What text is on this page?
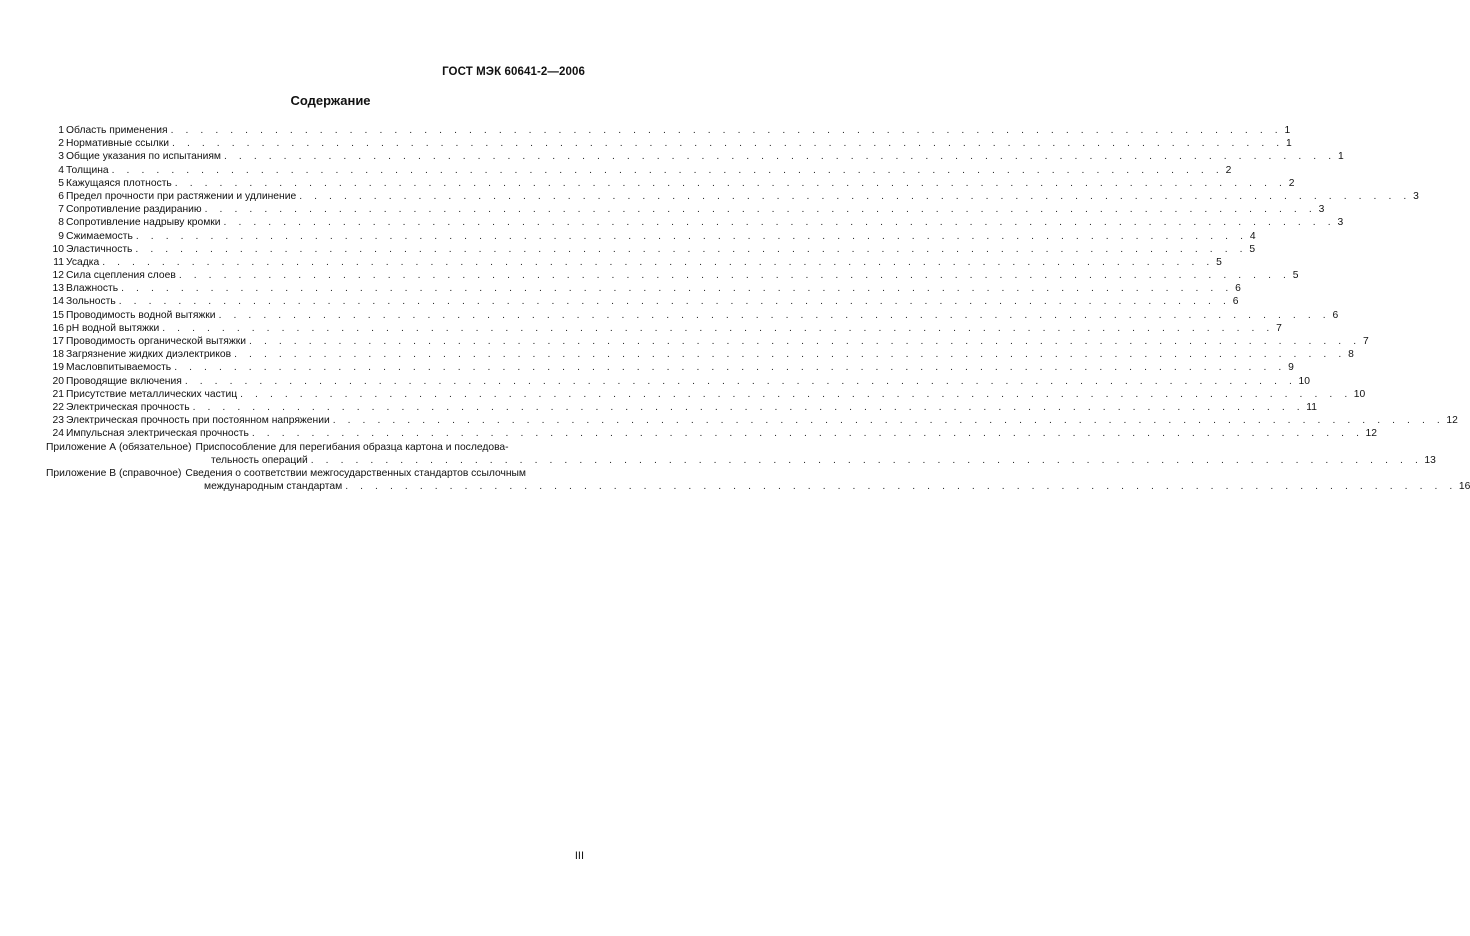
ГОСТ МЭК 60641-2—2006
Содержание
1 Область применения . . . . . . . . . . . . . . . . . . . . . . . . . . . . . . . . . . . . . . . . . . . . . . . . . . . . . . . . . . . . . . . . . . . . . . . . . . . 1
2 Нормативные ссылки . . . . . . . . . . . . . . . . . . . . . . . . . . . . . . . . . . . . . . . . . . . . . . . . . . . . . . . . . . . . . . . . . . . . . . . . . . . 1
3 Общие указания по испытаниям . . . . . . . . . . . . . . . . . . . . . . . . . . . . . . . . . . . . . . . . . . . . . . . . . . . . . . . . . . . . . . . . . . . . . . . . . . . 1
4 Толщина . . . . . . . . . . . . . . . . . . . . . . . . . . . . . . . . . . . . . . . . . . . . . . . . . . . . . . . . . . . . . . . . . . . . . . . . . . . 2
5 Кажущаяся плотность . . . . . . . . . . . . . . . . . . . . . . . . . . . . . . . . . . . . . . . . . . . . . . . . . . . . . . . . . . . . . . . . . . . . . . . . . . . 2
6 Предел прочности при растяжении и удлинение . . . . . . . . . . . . . . . . . . . . . . . . . . . . . . . . . . . . . . . . . . . . . . . . . . . . . . . . . . . . . . . . . . . . . . . . . . . 3
7 Сопротивление раздиранию . . . . . . . . . . . . . . . . . . . . . . . . . . . . . . . . . . . . . . . . . . . . . . . . . . . . . . . . . . . . . . . . . . . . . . . . . . . 3
8 Сопротивление надрыву кромки . . . . . . . . . . . . . . . . . . . . . . . . . . . . . . . . . . . . . . . . . . . . . . . . . . . . . . . . . . . . . . . . . . . . . . . . . . . 3
9 Сжимаемость . . . . . . . . . . . . . . . . . . . . . . . . . . . . . . . . . . . . . . . . . . . . . . . . . . . . . . . . . . . . . . . . . . . . . . . . . . . 4
10 Эластичность . . . . . . . . . . . . . . . . . . . . . . . . . . . . . . . . . . . . . . . . . . . . . . . . . . . . . . . . . . . . . . . . . . . . . . . . . . . 5
11 Усадка . . . . . . . . . . . . . . . . . . . . . . . . . . . . . . . . . . . . . . . . . . . . . . . . . . . . . . . . . . . . . . . . . . . . . . . . . . . 5
12 Сила сцепления слоев . . . . . . . . . . . . . . . . . . . . . . . . . . . . . . . . . . . . . . . . . . . . . . . . . . . . . . . . . . . . . . . . . . . . . . . . . . . 5
13 Влажность . . . . . . . . . . . . . . . . . . . . . . . . . . . . . . . . . . . . . . . . . . . . . . . . . . . . . . . . . . . . . . . . . . . . . . . . . . . 6
14 Зольность . . . . . . . . . . . . . . . . . . . . . . . . . . . . . . . . . . . . . . . . . . . . . . . . . . . . . . . . . . . . . . . . . . . . . . . . . . . 6
15 Проводимость водной вытяжки . . . . . . . . . . . . . . . . . . . . . . . . . . . . . . . . . . . . . . . . . . . . . . . . . . . . . . . . . . . . . . . . . . . . . . . . . . . 6
16 рН водной вытяжки . . . . . . . . . . . . . . . . . . . . . . . . . . . . . . . . . . . . . . . . . . . . . . . . . . . . . . . . . . . . . . . . . . . . . . . . . . . 7
17 Проводимость органической вытяжки . . . . . . . . . . . . . . . . . . . . . . . . . . . . . . . . . . . . . . . . . . . . . . . . . . . . . . . . . . . . . . . . . . . . . . . . . . . 7
18 Загрязнение жидких диэлектриков . . . . . . . . . . . . . . . . . . . . . . . . . . . . . . . . . . . . . . . . . . . . . . . . . . . . . . . . . . . . . . . . . . . . . . . . . . . 8
19 Масловпитываемость . . . . . . . . . . . . . . . . . . . . . . . . . . . . . . . . . . . . . . . . . . . . . . . . . . . . . . . . . . . . . . . . . . . . . . . . . . . 9
20 Проводящие включения . . . . . . . . . . . . . . . . . . . . . . . . . . . . . . . . . . . . . . . . . . . . . . . . . . . . . . . . . . . . . . . . . . . . . . . . . . . 10
21 Присутствие металлических частиц . . . . . . . . . . . . . . . . . . . . . . . . . . . . . . . . . . . . . . . . . . . . . . . . . . . . . . . . . . . . . . . . . . . . . . . . . . . 10
22 Электрическая прочность . . . . . . . . . . . . . . . . . . . . . . . . . . . . . . . . . . . . . . . . . . . . . . . . . . . . . . . . . . . . . . . . . . . . . . . . . . . 11
23 Электрическая прочность при постоянном напряжении . . . . . . . . . . . . . . . . . . . . . . . . . . . . . . . . . . . . . . . . . . . . . . . . . . . . . . . . . . . . . . . . . . . . . . . . . . . 12
24 Импульсная электрическая прочность . . . . . . . . . . . . . . . . . . . . . . . . . . . . . . . . . . . . . . . . . . . . . . . . . . . . . . . . . . . . . . . . . . . . . . . . . . . 12
Приложение А (обязательное) Приспособление для перегибания образца картона и последова-
тельность операций . . . . . . . . . . . . . . . . . . . . . . . . . . . . . . . . . . . . . . . . . . . . . . . . . . . . . . . . . . . . . . . . . . . . . . . . . . . 13
Приложение В (справочное) Сведения о соответствии межгосударственных стандартов ссылочным
международным стандартам . . . . . . . . . . . . . . . . . . . . . . . . . . . . . . . . . . . . . . . . . . . . . . . . . . . . . . . . . . . . . . . . . . . . . . . . . . . 16
III
